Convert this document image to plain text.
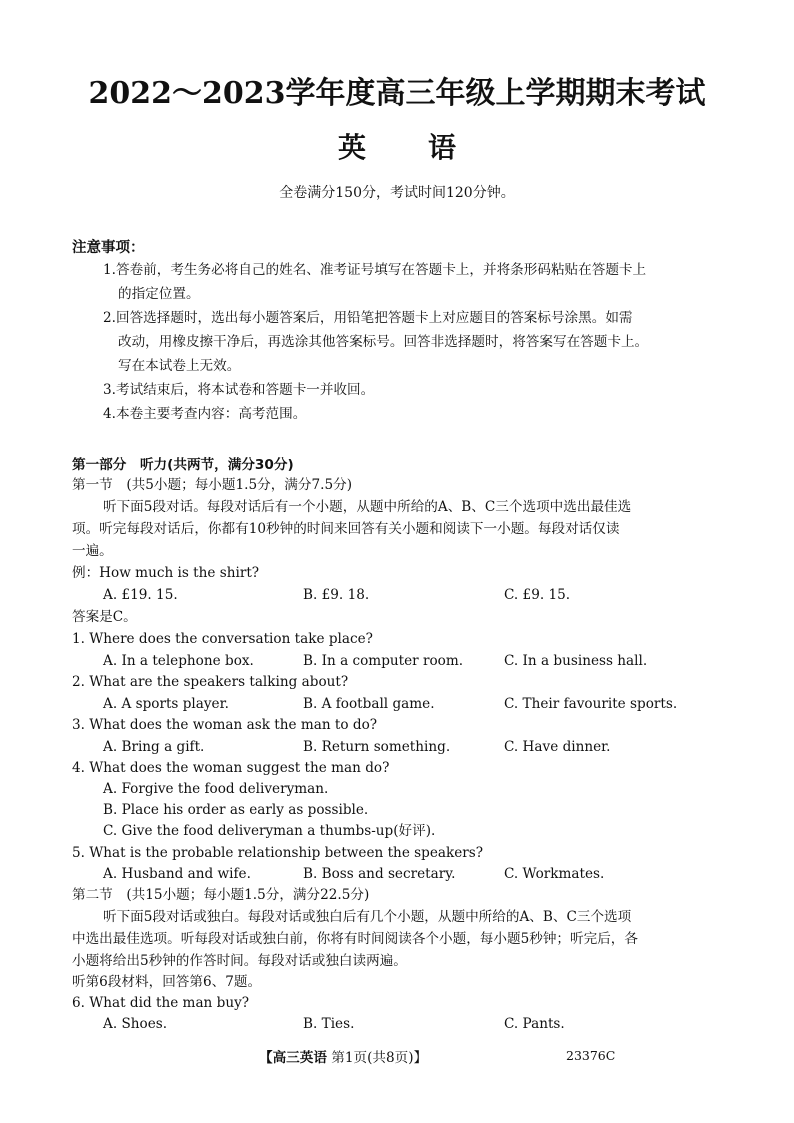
2022～2023学年度高三年级上学期期末考试
英语
全卷满分150分，考试时间120分钟。
注意事项：
1.答卷前，考生务必将自己的姓名、准考证号填写在答题卡上，并将条形码粘贴在答题卡上
的指定位置。
2.回答选择题时，选出每小题答案后，用铅笔把答题卡上对应题目的答案标号涂黑。如需
改动，用橡皮擦干净后，再选涂其他答案标号。回答非选择题时，将答案写在答题卡上。
写在本试卷上无效。
3.考试结束后，将本试卷和答题卡一并收回。
4.本卷主要考查内容：高考范围。
第一部分　听力(共两节，满分30分)
第一节　(共5小题；每小题1.5分，满分7.5分)
听下面5段对话。每段对话后有一个小题，从题中所给的A、B、C三个选项中选出最佳选
项。听完每段对话后，你都有10秒钟的时间来回答有关小题和阅读下一小题。每段对话仅读
一遍。
例：How much is the shirt?
A. £19. 15.	B. £9. 18.	C. £9. 15.
答案是C。
1. Where does the conversation take place?
A. In a telephone box.	B. In a computer room.	C. In a business hall.
2. What are the speakers talking about?
A. A sports player.	B. A football game.	C. Their favourite sports.
3. What does the woman ask the man to do?
A. Bring a gift.	B. Return something.	C. Have dinner.
4. What does the woman suggest the man do?
A. Forgive the food deliveryman.
B. Place his order as early as possible.
C. Give the food deliveryman a thumbs-up(好评).
5. What is the probable relationship between the speakers?
A. Husband and wife.	B. Boss and secretary.	C. Workmates.
第二节　(共15小题；每小题1.5分，满分22.5分)
听下面5段对话或独白。每段对话或独白后有几个小题，从题中所给的A、B、C三个选项
中选出最佳选项。听每段对话或独白前，你将有时间阅读各个小题，每小题5秒钟；听完后，各
小题将给出5秒钟的作答时间。每段对话或独白读两遍。
听第6段材料，回答第6、7题。
6. What did the man buy?
A. Shoes.	B. Ties.	C. Pants.
【高三英语 第1页(共8页)】	23376C
